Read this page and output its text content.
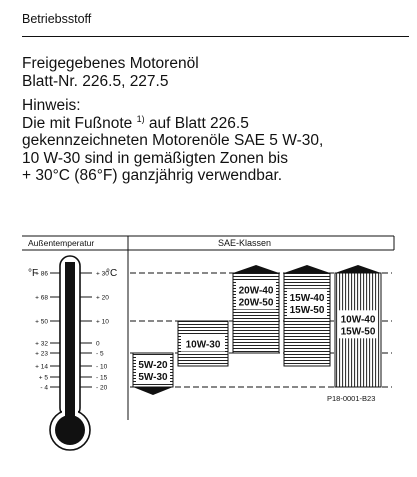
Betriebsstoff
Freigegebenes Motorenöl
Blatt-Nr. 226.5, 227.5
Hinweis:
Die mit Fußnote $^{1)}$ auf Blatt 226.5
gekennzeichneten Motorenöle SAE 5 W-30,
10 W-30 sind in gemäßigten Zonen bis
+ 30°C (86°F) ganzjährig verwendbar.
Außentemperatur	SAE-Klassen
°F	°C
+ 86
+ 68
+ 50
+ 32
+ 23
+ 14
+ 5
- 4
+ 30
+ 20
+ 10
0
- 5
- 10
- 15
- 20
5W-20
5W-30
10W-30
20W-40
20W-50 15W-40
15W-50
10W-40
15W-50
P18-0001-B23
